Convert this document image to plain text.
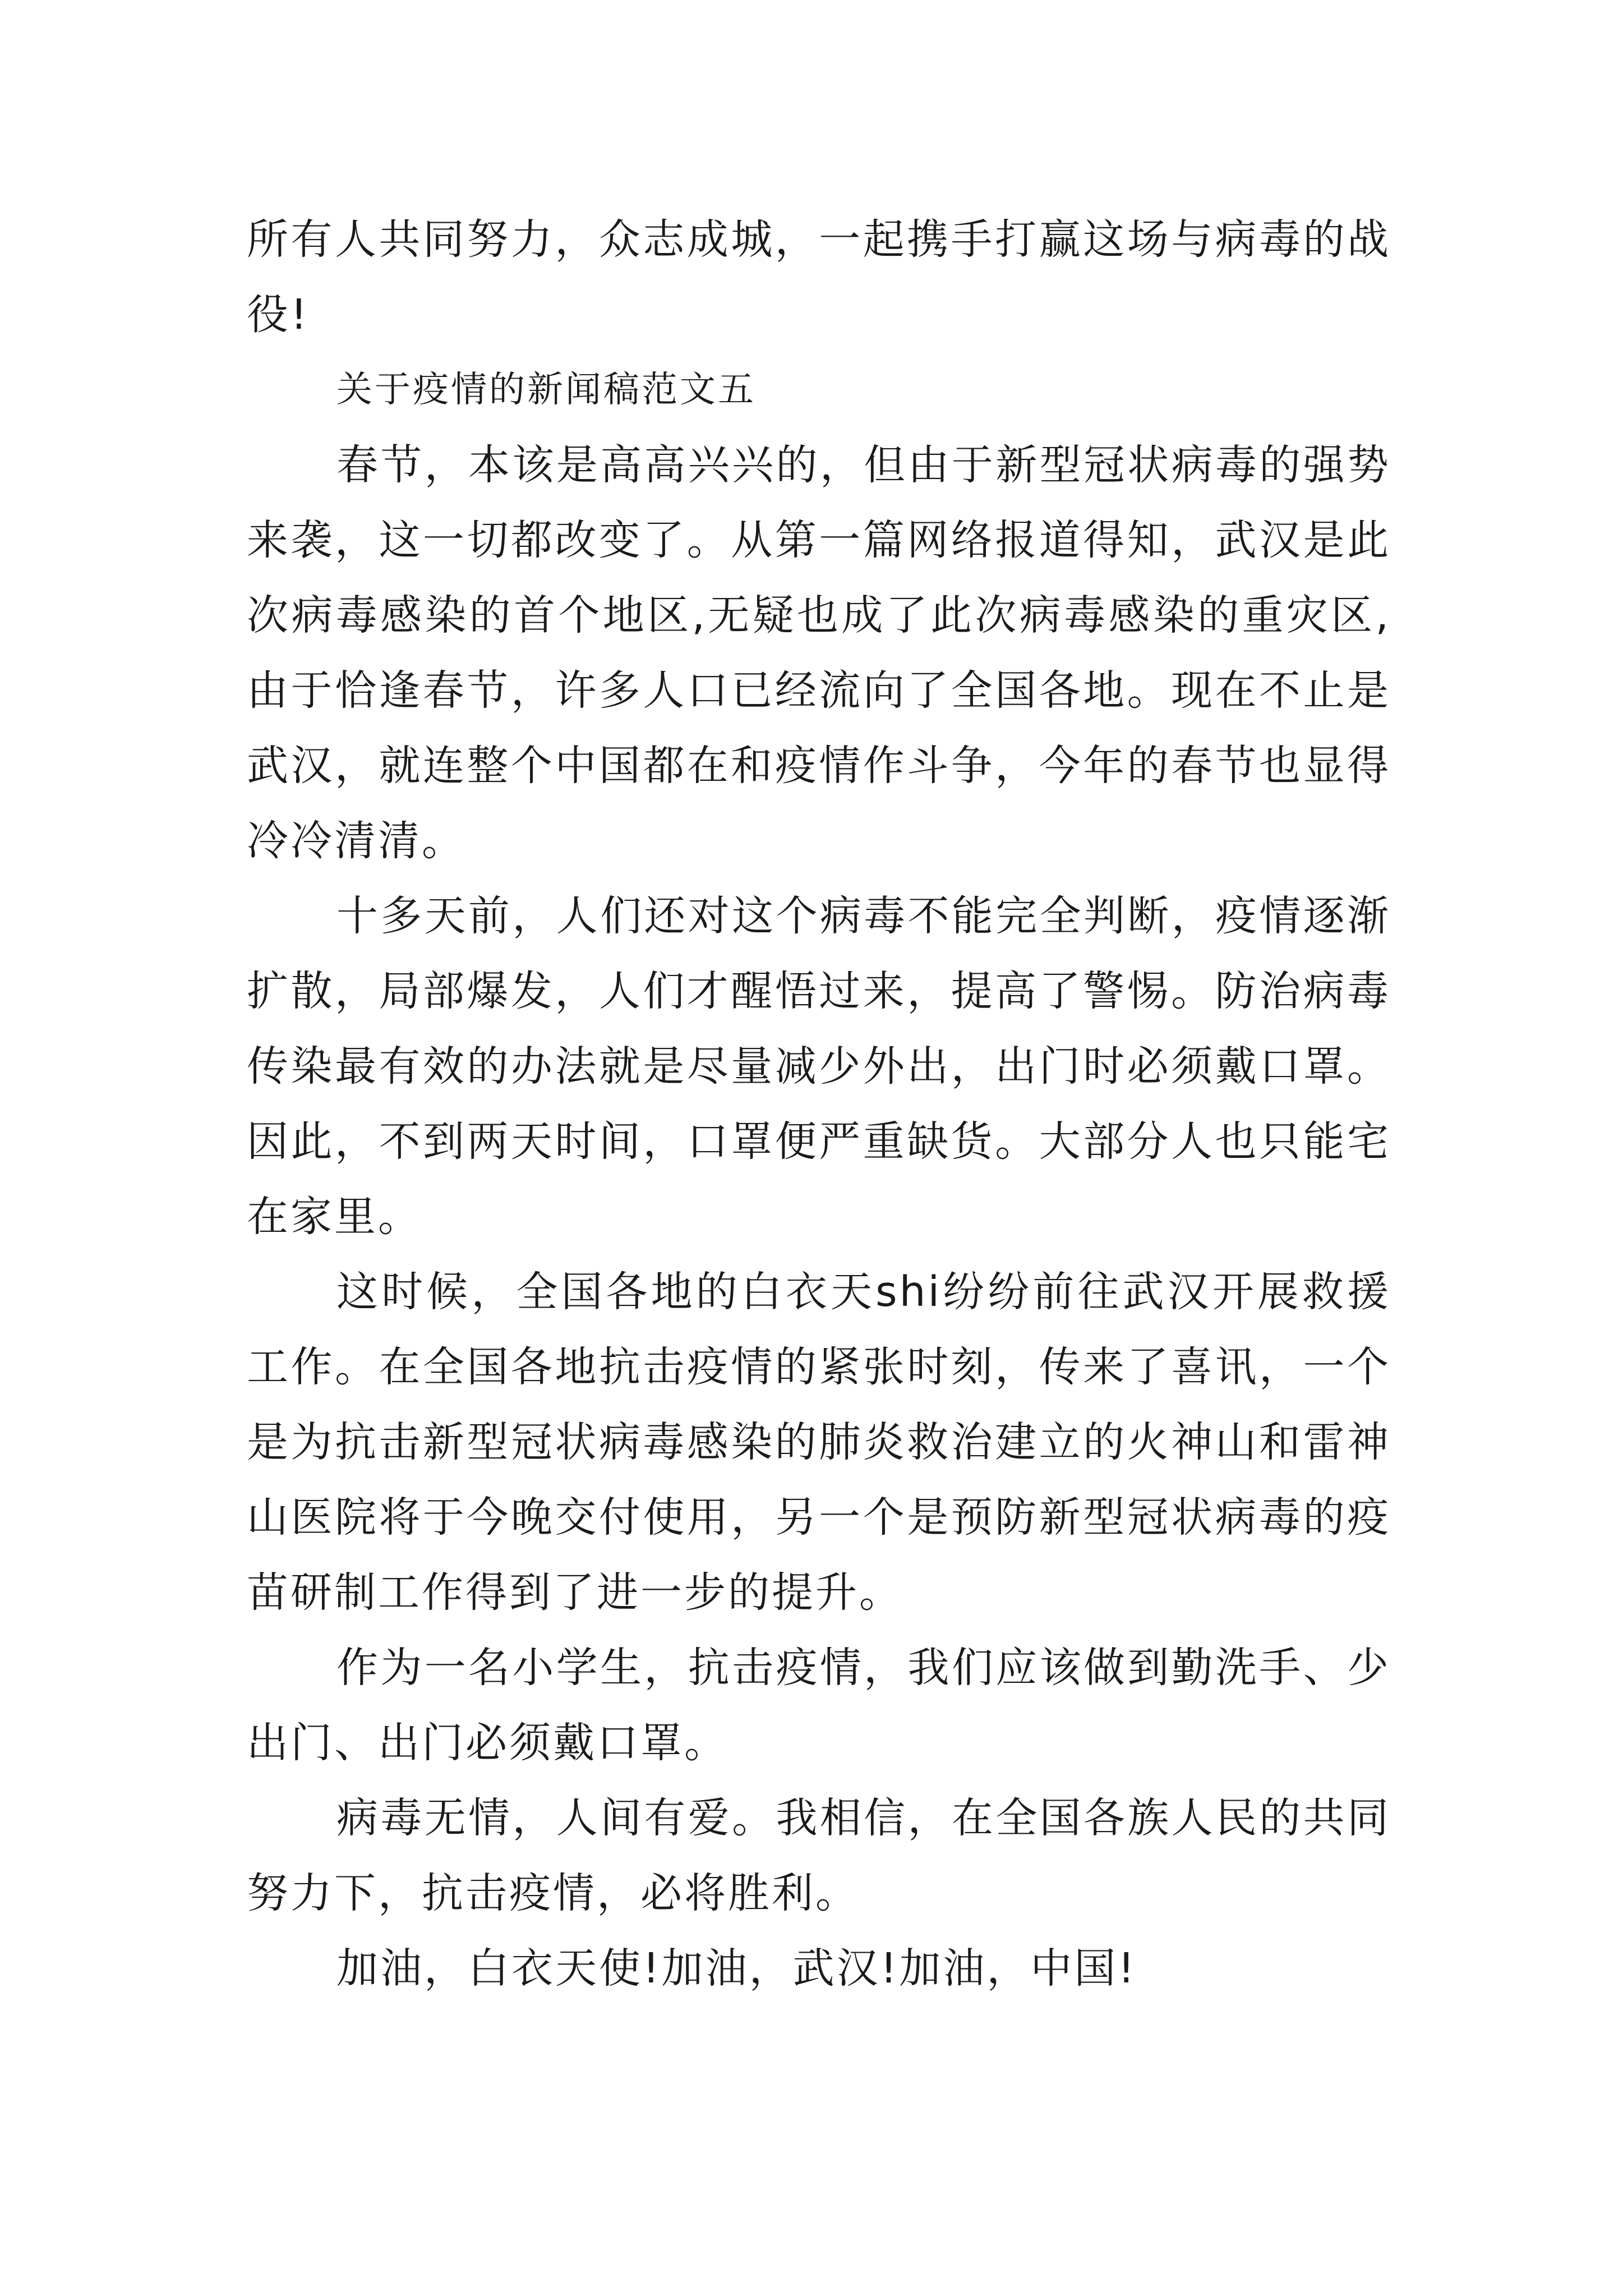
所有人共同努力，众志成城，一起携手打赢这场与病毒的战役!

关于疫情的新闻稿范文五

春节，本该是高高兴兴的，但由于新型冠状病毒的强势来袭，这一切都改变了。从第一篇网络报道得知，武汉是此次病毒感染的首个地区,无疑也成了此次病毒感染的重灾区,由于恰逢春节，许多人口已经流向了全国各地。现在不止是武汉，就连整个中国都在和疫情作斗争，今年的春节也显得冷冷清清。

十多天前，人们还对这个病毒不能完全判断，疫情逐渐扩散，局部爆发，人们才醒悟过来，提高了警惕。防治病毒传染最有效的办法就是尽量减少外出，出门时必须戴口罩。因此，不到两天时间，口罩便严重缺货。大部分人也只能宅在家里。

这时候，全国各地的白衣天shi纷纷前往武汉开展救援工作。在全国各地抗击疫情的紧张时刻，传来了喜讯，一个是为抗击新型冠状病毒感染的肺炎救治建立的火神山和雷神山医院将于今晚交付使用，另一个是预防新型冠状病毒的疫苗研制工作得到了进一步的提升。

作为一名小学生，抗击疫情，我们应该做到勤洗手、少出门、出门必须戴口罩。

病毒无情，人间有爱。我相信，在全国各族人民的共同努力下，抗击疫情，必将胜利。

加油，白衣天使!加油，武汉!加油，中国!
